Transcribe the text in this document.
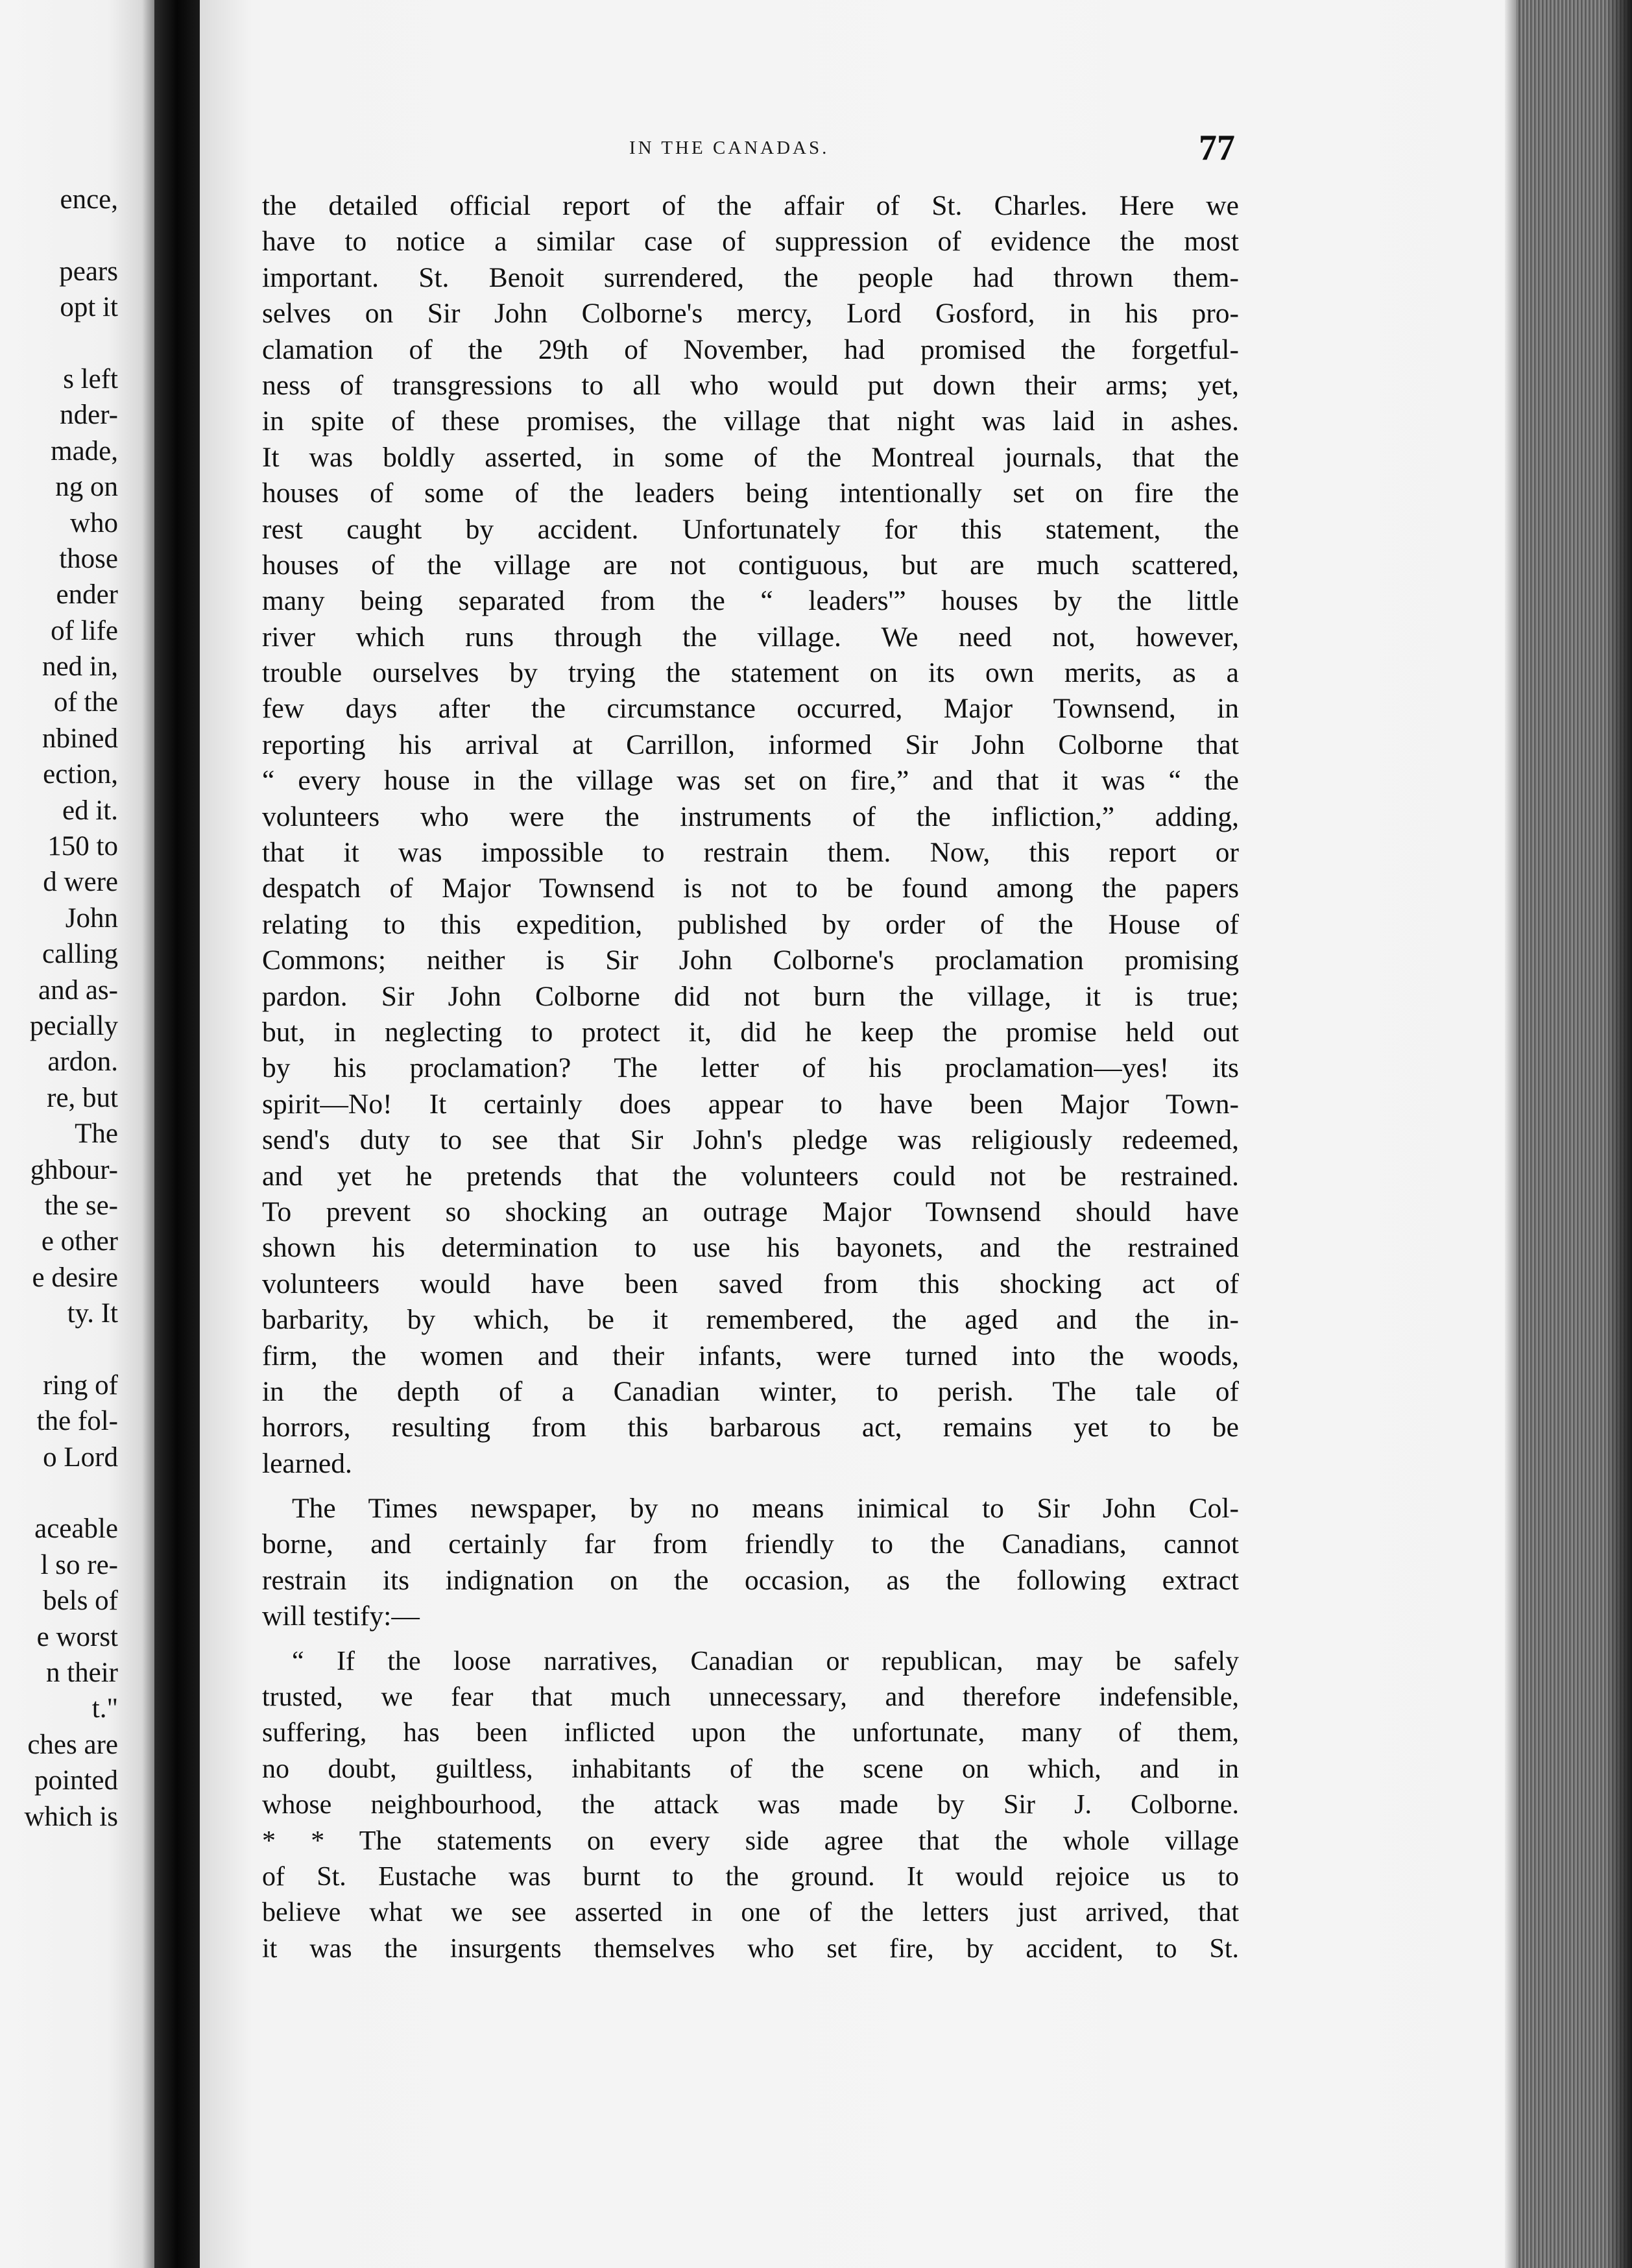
ence,
pears
opt it
s left
nder-
made,
ng on
who
those
ender
of life
ned in,
of the
nbined
ection,
ed it.
150 to
d were
John
calling
and as-
pecially
ardon.
re, but
The
ghbour-
the se-
e other
e desire
ty. It
ring of
the fol-
o Lord
aceable
l so re-
bels of
e worst
n their
t."
ches are
pointed
which is
IN THE CANADAS.	77
the detailed official report of the affair of St. Charles. Here we
have to notice a similar case of suppression of evidence the most
important. St. Benoit surrendered, the people had thrown them-
selves on Sir John Colborne's mercy, Lord Gosford, in his pro-
clamation of the 29th of November, had promised the forgetful-
ness of transgressions to all who would put down their arms; yet,
in spite of these promises, the village that night was laid in ashes.
It was boldly asserted, in some of the Montreal journals, that the
houses of some of the leaders being intentionally set on fire the
rest caught by accident. Unfortunately for this statement, the
houses of the village are not contiguous, but are much scattered,
many being separated from the “ leaders'” houses by the little
river which runs through the village. We need not, however,
trouble ourselves by trying the statement on its own merits, as a
few days after the circumstance occurred, Major Townsend, in
reporting his arrival at Carrillon, informed Sir John Colborne that
“ every house in the village was set on fire,” and that it was “ the
volunteers who were the instruments of the infliction,” adding,
that it was impossible to restrain them. Now, this report or
despatch of Major Townsend is not to be found among the papers
relating to this expedition, published by order of the House of
Commons; neither is Sir John Colborne's proclamation promising
pardon. Sir John Colborne did not burn the village, it is true;
but, in neglecting to protect it, did he keep the promise held out
by his proclamation? The letter of his proclamation—yes! its
spirit—No! It certainly does appear to have been Major Town-
send's duty to see that Sir John's pledge was religiously redeemed,
and yet he pretends that the volunteers could not be restrained.
To prevent so shocking an outrage Major Townsend should have
shown his determination to use his bayonets, and the restrained
volunteers would have been saved from this shocking act of
barbarity, by which, be it remembered, the aged and the in-
firm, the women and their infants, were turned into the woods,
in the depth of a Canadian winter, to perish. The tale of
horrors, resulting from this barbarous act, remains yet to be
learned.
The Times newspaper, by no means inimical to Sir John Col-
borne, and certainly far from friendly to the Canadians, cannot
restrain its indignation on the occasion, as the following extract
will testify:—
“ If the loose narratives, Canadian or republican, may be safely
trusted, we fear that much unnecessary, and therefore indefensible,
suffering, has been inflicted upon the unfortunate, many of them,
no doubt, guiltless, inhabitants of the scene on which, and in
whose neighbourhood, the attack was made by Sir J. Colborne.
* * The statements on every side agree that the whole village
of St. Eustache was burnt to the ground. It would rejoice us to
believe what we see asserted in one of the letters just arrived, that
it was the insurgents themselves who set fire, by accident, to St.
